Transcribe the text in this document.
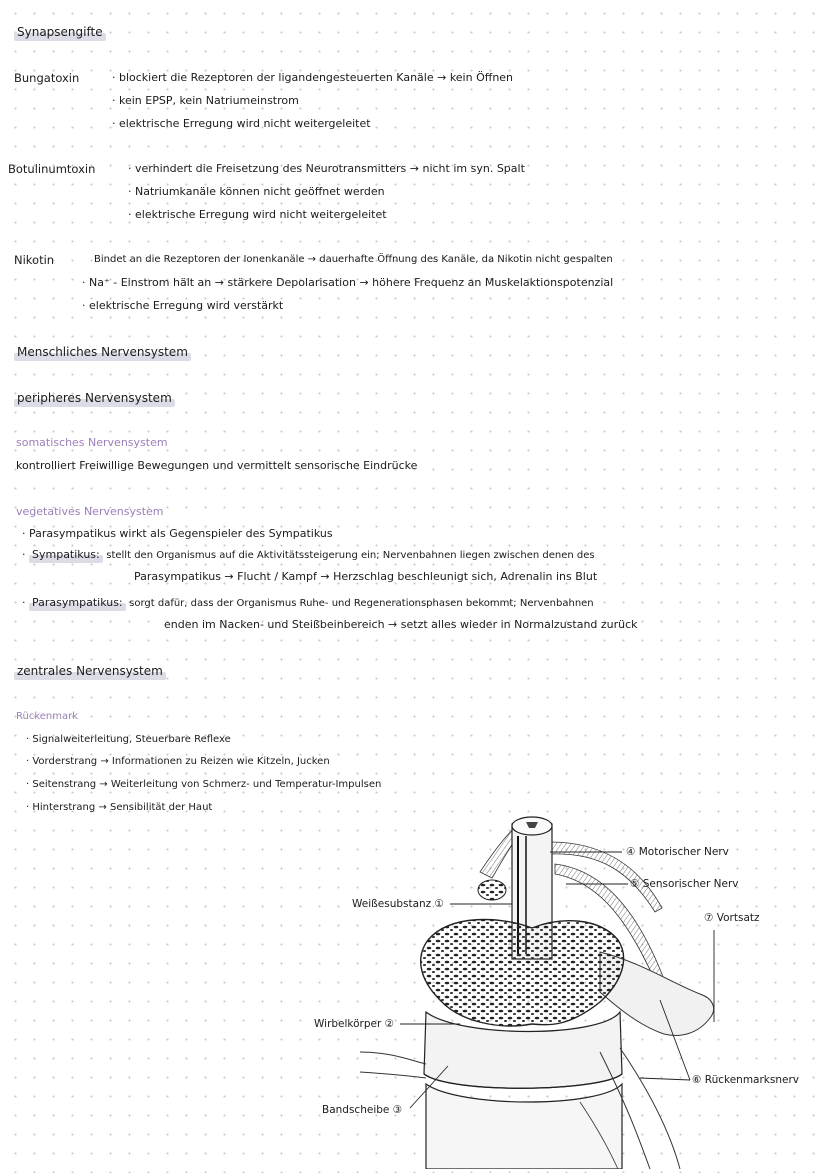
Synapsengifte
Bungatoxin	· blockiert die Rezeptoren der ligandengesteuerten Kanäle → kein Öffnen
· kein EPSP, kein Natriumeinstrom
· elektrische Erregung wird nicht weitergeleitet
Botulinumtoxin	· verhindert die Freisetzung des Neurotransmitters → nicht im syn. Spalt
· Natriumkanäle können nicht geöffnet werden
· elektrische Erregung wird nicht weitergeleitet
Nikotin	Bindet an die Rezeptoren der Ionenkanäle → dauerhafte Öffnung des Kanäle, da Nikotin nicht gespalten
· Na⁺ - Einstrom hält an → stärkere Depolarisation → höhere Frequenz an Muskelaktionspotenzial
· elektrische Erregung wird verstärkt
Menschliches Nervensystem
peripheres Nervensystem
somatisches Nervensystem
kontrolliert Freiwillige Bewegungen und vermittelt sensorische Eindrücke
vegetatives Nervensystem
· Parasympatikus wirkt als Gegenspieler des Sympatikus
· Sympatikus: stellt den Organismus auf die Aktivitätssteigerung ein; Nervenbahnen liegen zwischen denen des
Parasympatikus → Flucht / Kampf → Herzschlag beschleunigt sich, Adrenalin ins Blut
· Parasympatikus: sorgt dafür, dass der Organismus Ruhe- und Regenerationsphasen bekommt; Nervenbahnen
enden im Nacken- und Steißbeinbereich → setzt alles wieder in Normalzustand zurück
zentrales Nervensystem
Rückenmark
· Signalweiterleitung, Steuerbare Reflexe
· Vorderstrang → Informationen zu Reizen wie Kitzeln, Jucken
· Seitenstrang → Weiterleitung von Schmerz- und Temperatur-Impulsen
· Hinterstrang → Sensibilität der Haut
Weißesubstanz ①
Wirbelkörper ②
Bandscheibe ③
④ Motorischer Nerv
⑤ Sensorischer Nerv
⑥ Rückenmarksnerv
⑦ Vortsatz
